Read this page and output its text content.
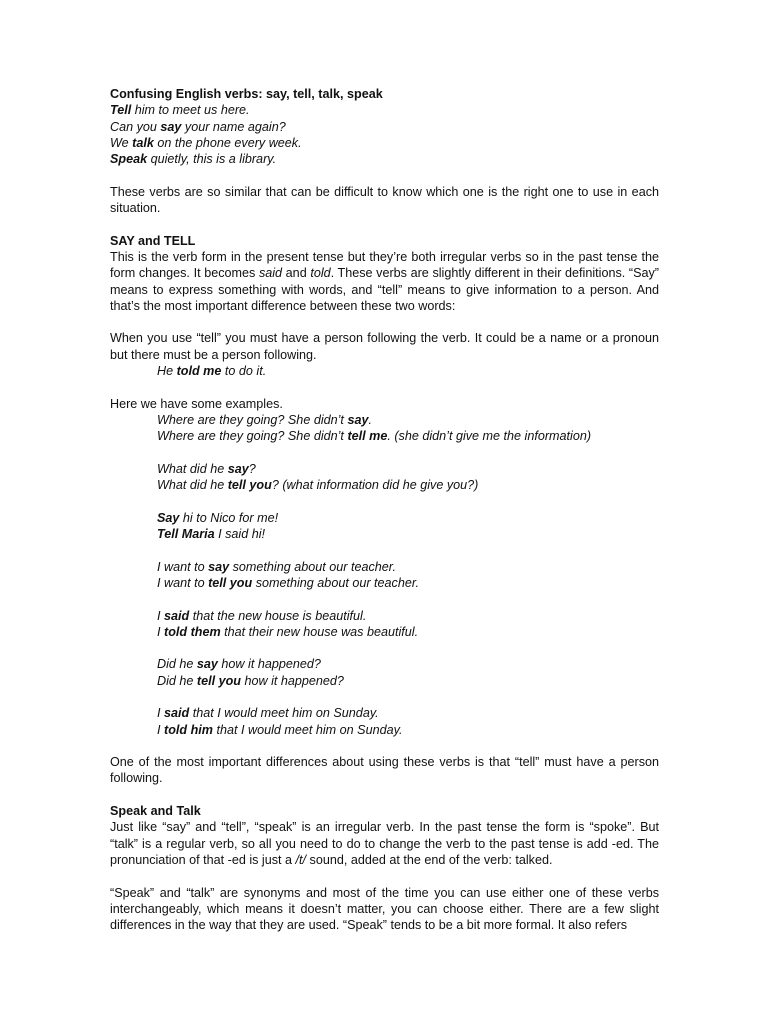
Confusing English verbs: say, tell, talk, speak
Tell him to meet us here.
Can you say your name again?
We talk on the phone every week.
Speak quietly, this is a library.

These verbs are so similar that can be difficult to know which one is the right one to use in each situation.

SAY and TELL

This is the verb form in the present tense but they’re both irregular verbs so in the past tense the form changes. It becomes said and told. These verbs are slightly different in their definitions. “Say” means to express something with words, and “tell” means to give information to a person. And that’s the most important difference between these two words:

When you use “tell” you must have a person following the verb. It could be a name or a pronoun but there must be a person following.

He told me to do it.
Here we have some examples.
Where are they going? She didn’t say.
Where are they going? She didn’t tell me. (she didn’t give me the information)
What did he say?
What did he tell you? (what information did he give you?)
Say hi to Nico for me!
Tell Maria I said hi!
I want to say something about our teacher.
I want to tell you something about our teacher.
I said that the new house is beautiful.
I told them that their new house was beautiful.
Did he say how it happened?
Did he tell you how it happened?
I said that I would meet him on Sunday.
I told him that I would meet him on Sunday.

One of the most important differences about using these verbs is that “tell” must have a person following.

Speak and Talk

Just like “say” and “tell”, “speak” is an irregular verb. In the past tense the form is “spoke”. But “talk” is a regular verb, so all you need to do to change the verb to the past tense is add -ed. The pronunciation of that -ed is just a /t/ sound, added at the end of the verb: talked.

“Speak” and “talk” are synonyms and most of the time you can use either one of these verbs interchangeably, which means it doesn’t matter, you can choose either. There are a few slight differences in the way that they are used. “Speak” tends to be a bit more formal. It also refers
